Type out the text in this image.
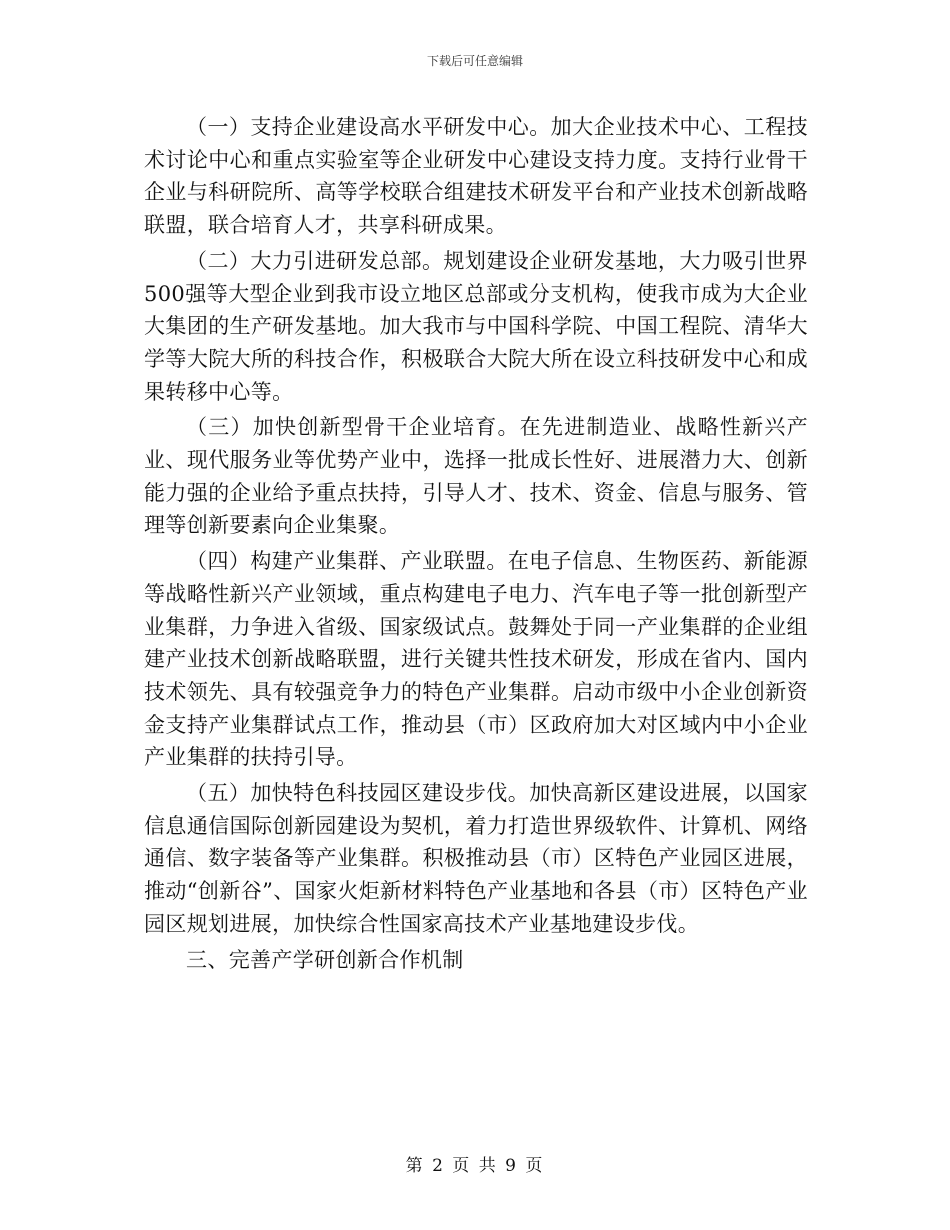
下载后可任意编辑

（一）支持企业建设高水平研发中心。加大企业技术中心、工程技术讨论中心和重点实验室等企业研发中心建设支持力度。支持行业骨干企业与科研院所、高等学校联合组建技术研发平台和产业技术创新战略联盟，联合培育人才，共享科研成果。

（二）大力引进研发总部。规划建设企业研发基地，大力吸引世界500强等大型企业到我市设立地区总部或分支机构，使我市成为大企业大集团的生产研发基地。加大我市与中国科学院、中国工程院、清华大学等大院大所的科技合作，积极联合大院大所在设立科技研发中心和成果转移中心等。

（三）加快创新型骨干企业培育。在先进制造业、战略性新兴产业、现代服务业等优势产业中，选择一批成长性好、进展潜力大、创新能力强的企业给予重点扶持，引导人才、技术、资金、信息与服务、管理等创新要素向企业集聚。

（四）构建产业集群、产业联盟。在电子信息、生物医药、新能源等战略性新兴产业领域，重点构建电子电力、汽车电子等一批创新型产业集群，力争进入省级、国家级试点。鼓舞处于同一产业集群的企业组建产业技术创新战略联盟，进行关键共性技术研发，形成在省内、国内技术领先、具有较强竞争力的特色产业集群。启动市级中小企业创新资金支持产业集群试点工作，推动县（市）区政府加大对区域内中小企业产业集群的扶持引导。

（五）加快特色科技园区建设步伐。加快高新区建设进展，以国家信息通信国际创新园建设为契机，着力打造世界级软件、计算机、网络通信、数字装备等产业集群。积极推动县（市）区特色产业园区进展，推动“创新谷”、国家火炬新材料特色产业基地和各县（市）区特色产业园区规划进展，加快综合性国家高技术产业基地建设步伐。

三、完善产学研创新合作机制

第 2 页 共 9 页
